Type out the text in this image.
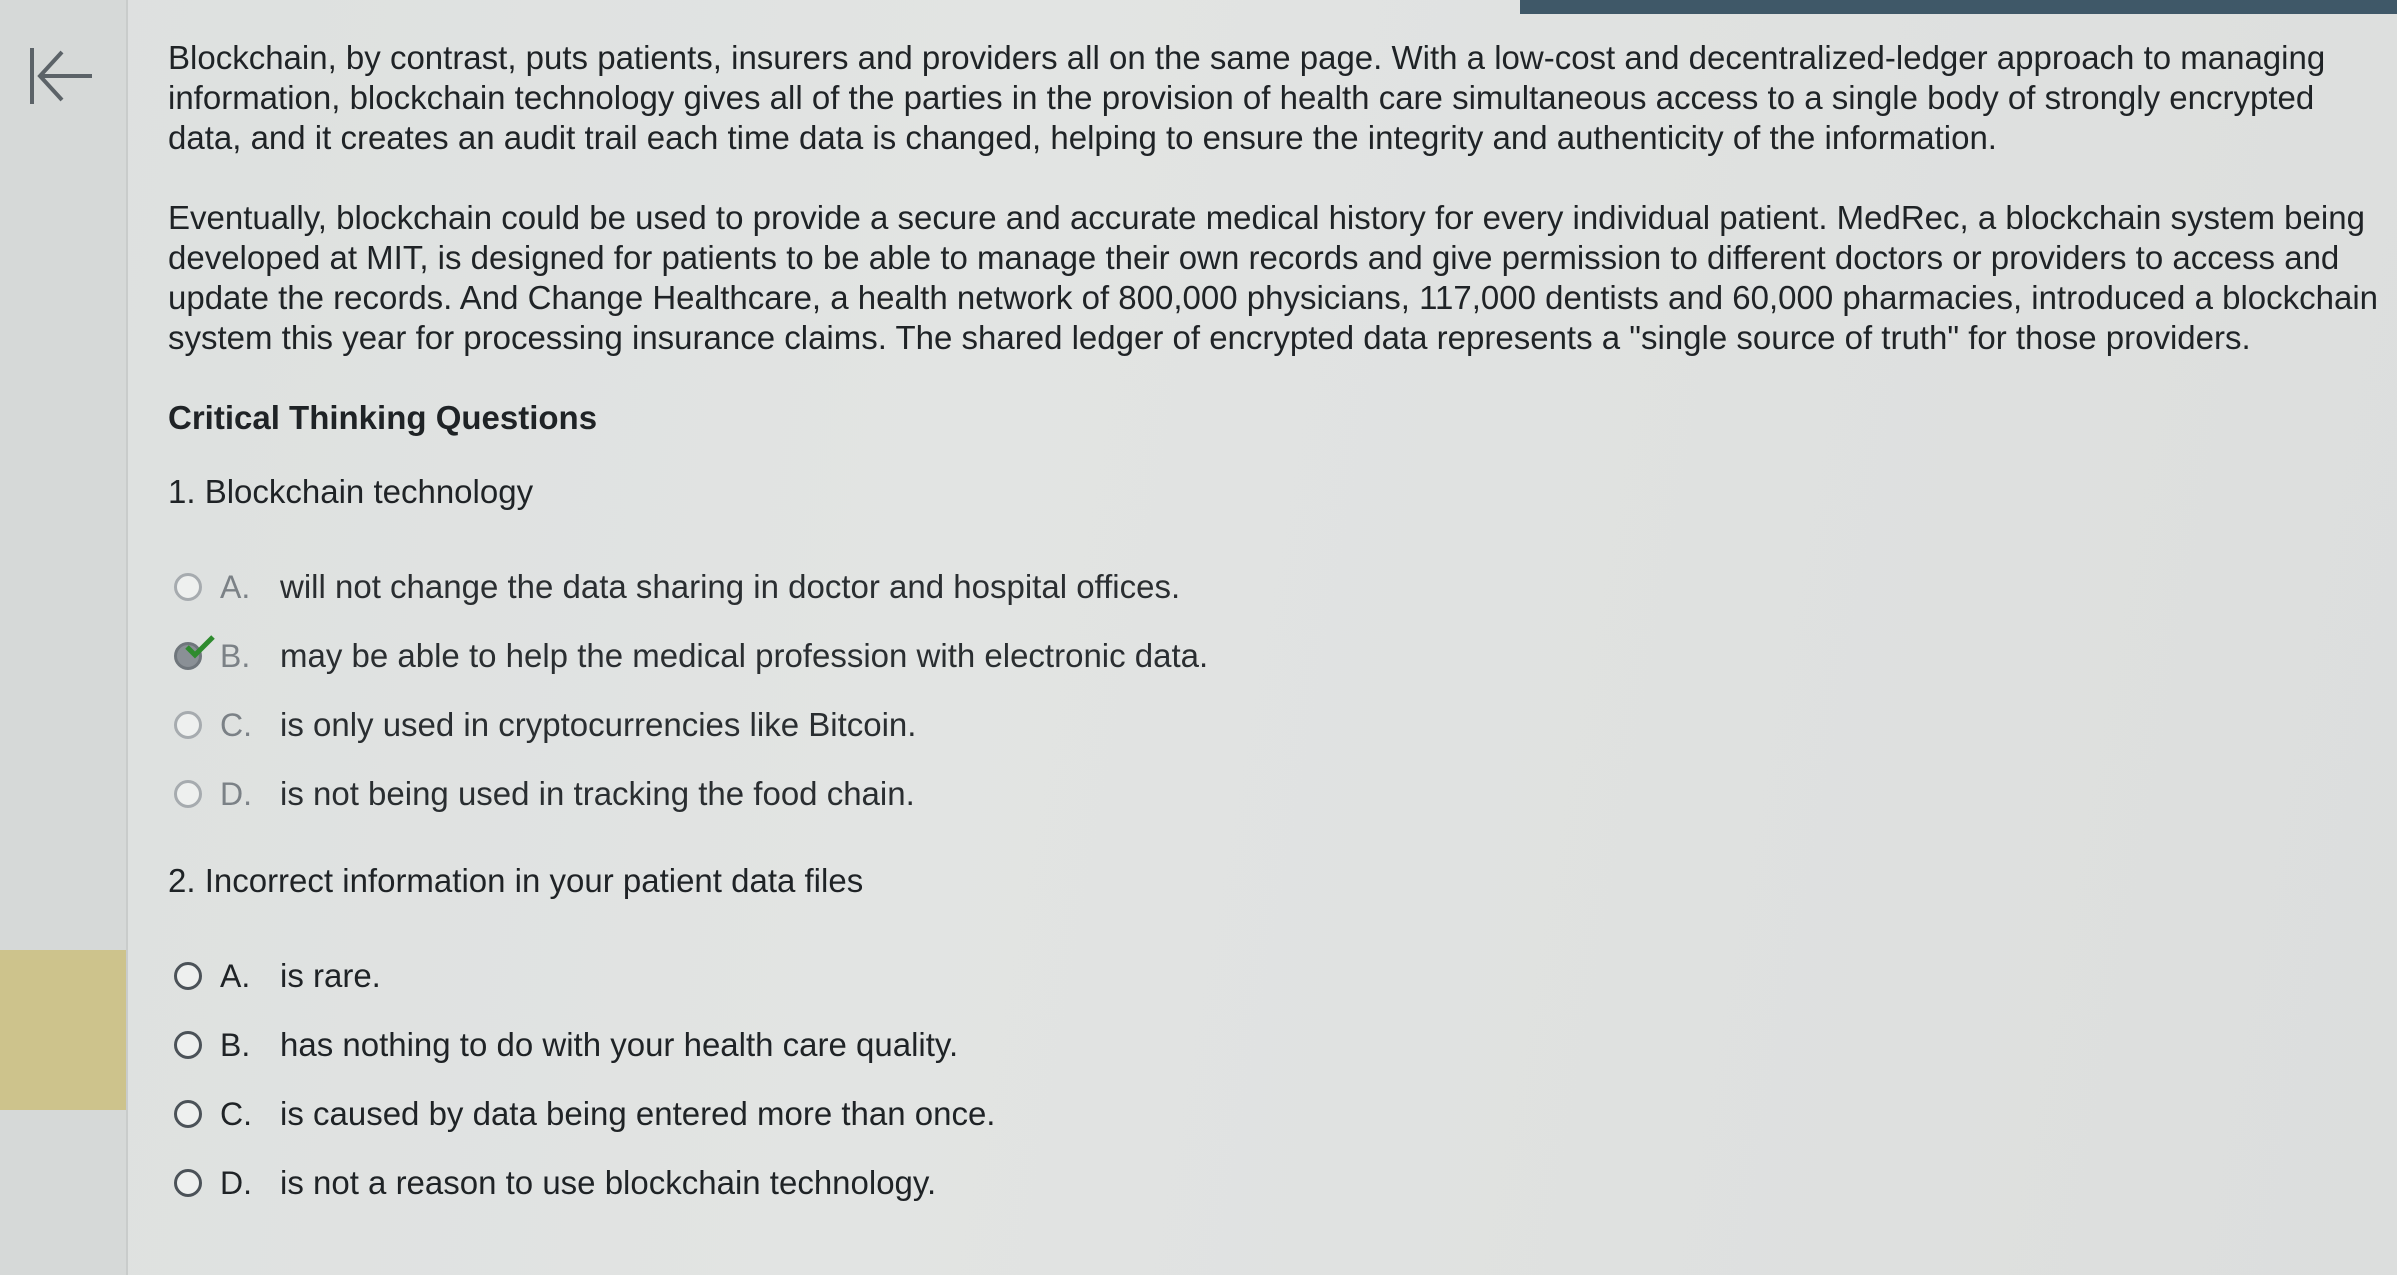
Blockchain, by contrast, puts patients, insurers and providers all on the same page. With a low-cost and decentralized-ledger approach to managing information, blockchain technology gives all of the parties in the provision of health care simultaneous access to a single body of strongly encrypted data, and it creates an audit trail each time data is changed, helping to ensure the integrity and authenticity of the information.

Eventually, blockchain could be used to provide a secure and accurate medical history for every individual patient. MedRec, a blockchain system being developed at MIT, is designed for patients to be able to manage their own records and give permission to different doctors or providers to access and update the records. And Change Healthcare, a health network of 800,000 physicians, 117,000 dentists and 60,000 pharmacies, introduced a blockchain system this year for processing insurance claims. The shared ledger of encrypted data represents a "single source of truth" for those providers.

Critical Thinking Questions
1. Blockchain technology
A. will not change the data sharing in doctor and hospital offices.
B. may be able to help the medical profession with electronic data.
C. is only used in cryptocurrencies like Bitcoin.
D. is not being used in tracking the food chain.
2. Incorrect information in your patient data files
A. is rare.
B. has nothing to do with your health care quality.
C. is caused by data being entered more than once.
D. is not a reason to use blockchain technology.
